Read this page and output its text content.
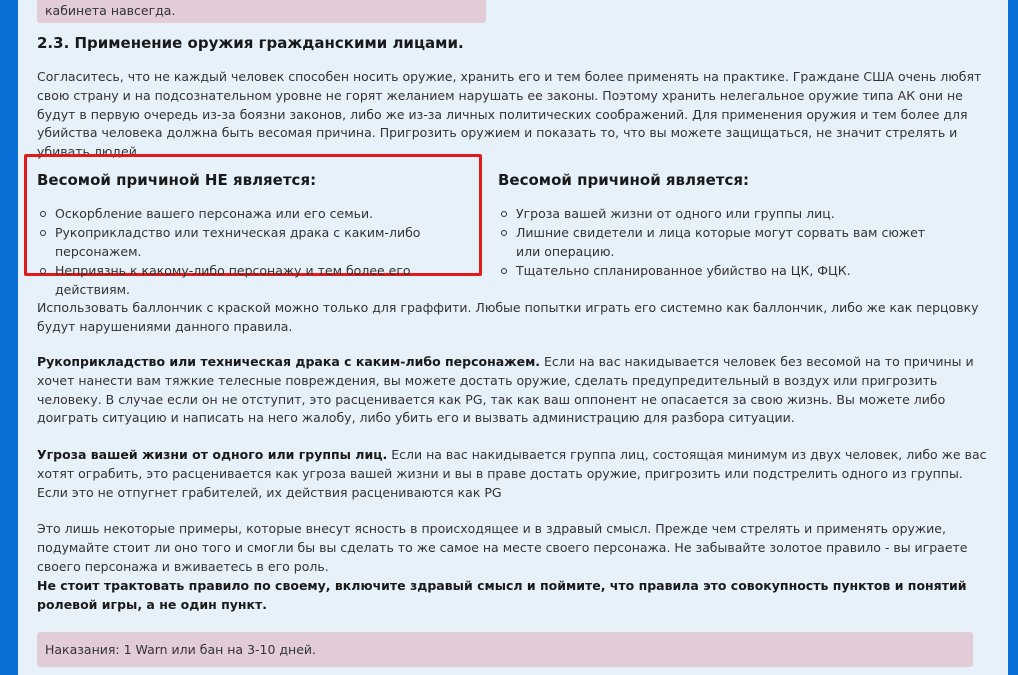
кабинета навсегда.
2.3. Применение оружия гражданскими лицами.
Согласитесь, что не каждый человек способен носить оружие, хранить его и тем более применять на практике. Граждане США очень любят свою страну и на подсознательном уровне не горят желанием нарушать ее законы. Поэтому хранить нелегальное оружие типа АК они не будут в первую очередь из-за боязни законов, либо же из-за личных политических соображений. Для применения оружия и тем более для убийства человека должна быть весомая причина. Пригрозить оружием и показать то, что вы можете защищаться, не значит стрелять и убивать людей.
Весомой причиной НЕ является:
Оскорбление вашего персонажа или его семьи.
Рукоприкладство или техническая драка с каким-либо персонажем.
Неприязнь к какому-либо персонажу и тем более его действиям.
Весомой причиной является:
Угроза вашей жизни от одного или группы лиц.
Лишние свидетели и лица которые могут сорвать вам сюжет или операцию.
Тщательно спланированное убийство на ЦК, ФЦК.
Использовать баллончик с краской можно только для граффити. Любые попытки играть его системно как баллончик, либо же как перцовку будут нарушениями данного правила.
Рукоприкладство или техническая драка с каким-либо персонажем. Если на вас накидывается человек без весомой на то причины и хочет нанести вам тяжкие телесные повреждения, вы можете достать оружие, сделать предупредительный в воздух или пригрозить человеку. В случае если он не отступит, это расценивается как PG, так как ваш оппонент не опасается за свою жизнь. Вы можете либо доиграть ситуацию и написать на него жалобу, либо убить его и вызвать администрацию для разбора ситуации.
Угроза вашей жизни от одного или группы лиц. Если на вас накидывается группа лиц, состоящая минимум из двух человек, либо же вас хотят ограбить, это расценивается как угроза вашей жизни и вы в праве достать оружие, пригрозить или подстрелить одного из группы. Если это не отпугнет грабителей, их действия расцениваются как PG
Это лишь некоторые примеры, которые внесут ясность в происходящее и в здравый смысл. Прежде чем стрелять и применять оружие, подумайте стоит ли оно того и смогли бы вы сделать то же самое на месте своего персонажа. Не забывайте золотое правило - вы играете своего персонажа и вживаетесь в его роль.
Не стоит трактовать правило по своему, включите здравый смысл и поймите, что правила это совокупность пунктов и понятий ролевой игры, а не один пункт.
Наказания: 1 Warn или бан на 3-10 дней.
